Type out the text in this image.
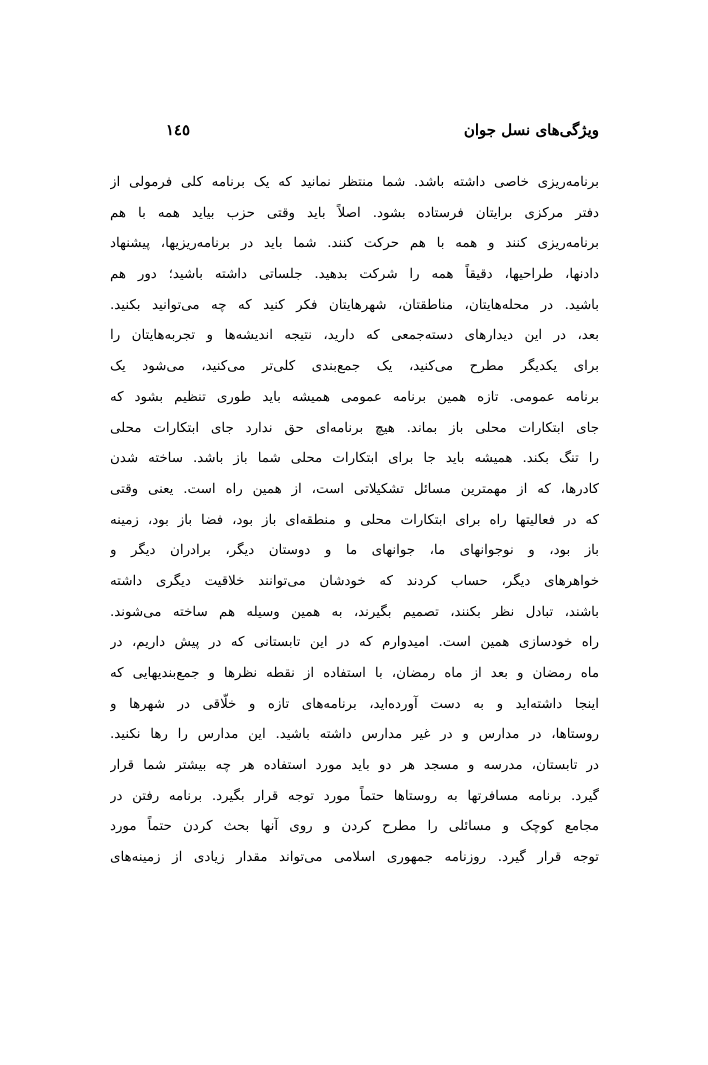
ویژگی‌های نسل جوان
١٤٥
برنامه‌ریزی خاصی داشته باشد. شما منتظر نمانید که یک برنامه کلی فرمولی از
دفتر مرکزی برایتان فرستاده بشود. اصلاً باید وقتی حزب بیاید همه با هم
برنامه‌ریزی کنند و همه با هم حرکت کنند. شما باید در برنامه‌ریزیها، پیشنهاد
دادنها، طراحیها، دقیقاً همه را شرکت بدهید. جلساتی داشته باشید؛ دور هم
باشید. در محله‌هایتان، مناطقتان، شهرهایتان فکر کنید که چه می‌توانید بکنید.
بعد، در این دیدارهای دسته‌جمعی که دارید، نتیجه اندیشه‌ها و تجربه‌هایتان را
برای یکدیگر مطرح می‌کنید، یک جمع‌بندی کلی‌تر می‌کنید، می‌شود یک
برنامه عمومی. تازه همین برنامه عمومی همیشه باید طوری تنظیم بشود که
جای ابتکارات محلی باز بماند. هیچ برنامه‌ای حق ندارد جای ابتکارات محلی
را تنگ بکند. همیشه باید جا برای ابتکارات محلی شما باز باشد. ساخته شدن
کادرها، که از مهمترین مسائل تشکیلاتی است، از همین راه است. یعنی وقتی
که در فعالیتها راه برای ابتکارات محلی و منطقه‌ای باز بود، فضا باز بود، زمینه
باز بود، و نوجوانهای ما، جوانهای ما و دوستان دیگر، برادران دیگر و
خواهرهای دیگر، حساب کردند که خودشان می‌توانند خلاقیت دیگری داشته
باشند، تبادل نظر بکنند، تصمیم بگیرند، به همین وسیله هم ساخته می‌شوند.
راه خودسازی همین است. امیدوارم که در این تابستانی که در پیش داریم، در
ماه رمضان و بعد از ماه رمضان، با استفاده از نقطه نظرها و جمع‌بندیهایی که
اینجا داشته‌اید و به دست آورده‌اید، برنامه‌های تازه و خلّاقی در شهرها و
روستاها، در مدارس و در غیر مدارس داشته باشید. این مدارس را رها نکنید.
در تابستان، مدرسه و مسجد هر دو باید مورد استفاده هر چه بیشتر شما قرار
گیرد. برنامه مسافرتها به روستاها حتماً مورد توجه قرار بگیرد. برنامه رفتن در
مجامع کوچک و مسائلی را مطرح کردن و روی آنها بحث کردن حتماً مورد
توجه قرار گیرد. روزنامه جمهوری اسلامی می‌تواند مقدار زیادی از زمینه‌های
